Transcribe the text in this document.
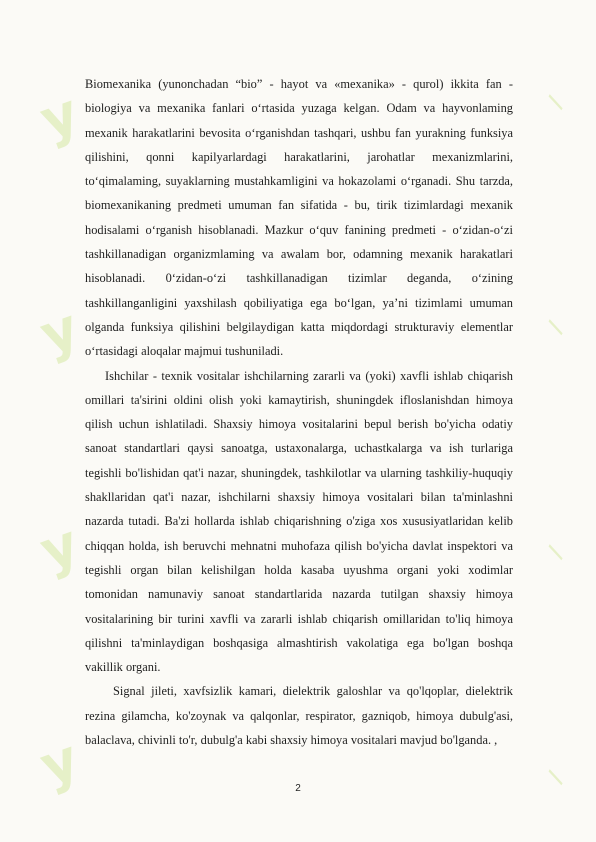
y
y
y
y
/
/
/
/

Biomexanika (yunonchadan “bio” - hayot va «mexanika» - qurol) ikkita fan - biologiya va mexanika fanlari o‘rtasida yuzaga kelgan. Odam va hayvonlaming mexanik harakatlarini bevosita o‘rganishdan tashqari, ushbu fan yurakning funksiya qilishini, qonni kapilyarlardagi harakatlarini, jarohatlar mexanizmlarini, to‘qimalaming, suyaklarning mustahkamligini va hokazolami o‘rganadi. Shu tarzda, biomexanikaning predmeti umuman fan sifatida - bu, tirik tizimlardagi mexanik hodisalami o‘rganish hisoblanadi. Mazkur o‘quv fanining predmeti - o‘zidan-o‘zi tashkillanadigan organizmlaming va awalam bor, odamning mexanik harakatlari hisoblanadi. 0‘zidan-o‘zi tashkillanadigan tizimlar deganda, o‘zining tashkillanganligini yaxshilash qobiliyatiga ega bo‘lgan, ya’ni tizimlami umuman olganda funksiya qilishini belgilaydigan katta miqdordagi strukturaviy elementlar o‘rtasidagi aloqalar majmui tushuniladi.

Ishchilar - texnik vositalar ishchilarning zararli va (yoki) xavfli ishlab chiqarish omillari ta'sirini oldini olish yoki kamaytirish, shuningdek ifloslanishdan himoya qilish uchun ishlatiladi. Shaxsiy himoya vositalarini bepul berish bo'yicha odatiy sanoat standartlari qaysi sanoatga, ustaxonalarga, uchastkalarga va ish turlariga tegishli bo'lishidan qat'i nazar, shuningdek, tashkilotlar va ularning tashkiliy-huquqiy shakllaridan qat'i nazar, ishchilarni shaxsiy himoya vositalari bilan ta'minlashni nazarda tutadi. Ba'zi hollarda ishlab chiqarishning o'ziga xos xususiyatlaridan kelib chiqqan holda, ish beruvchi mehnatni muhofaza qilish bo'yicha davlat inspektori va tegishli organ bilan kelishilgan holda kasaba uyushma organi yoki xodimlar tomonidan namunaviy sanoat standartlarida nazarda tutilgan shaxsiy himoya vositalarining bir turini xavfli va zararli ishlab chiqarish omillaridan to'liq himoya qilishni ta'minlaydigan boshqasiga almashtirish vakolatiga ega bo'lgan boshqa vakillik organi.

Signal jileti, xavfsizlik kamari, dielektrik galoshlar va qo'lqoplar, dielektrik rezina gilamcha, ko'zoynak va qalqonlar, respirator, gazniqob, himoya dubulg'asi, balaclava, chivinli to'r, dubulg'a kabi shaxsiy himoya vositalari mavjud bo'lganda. ,

2
